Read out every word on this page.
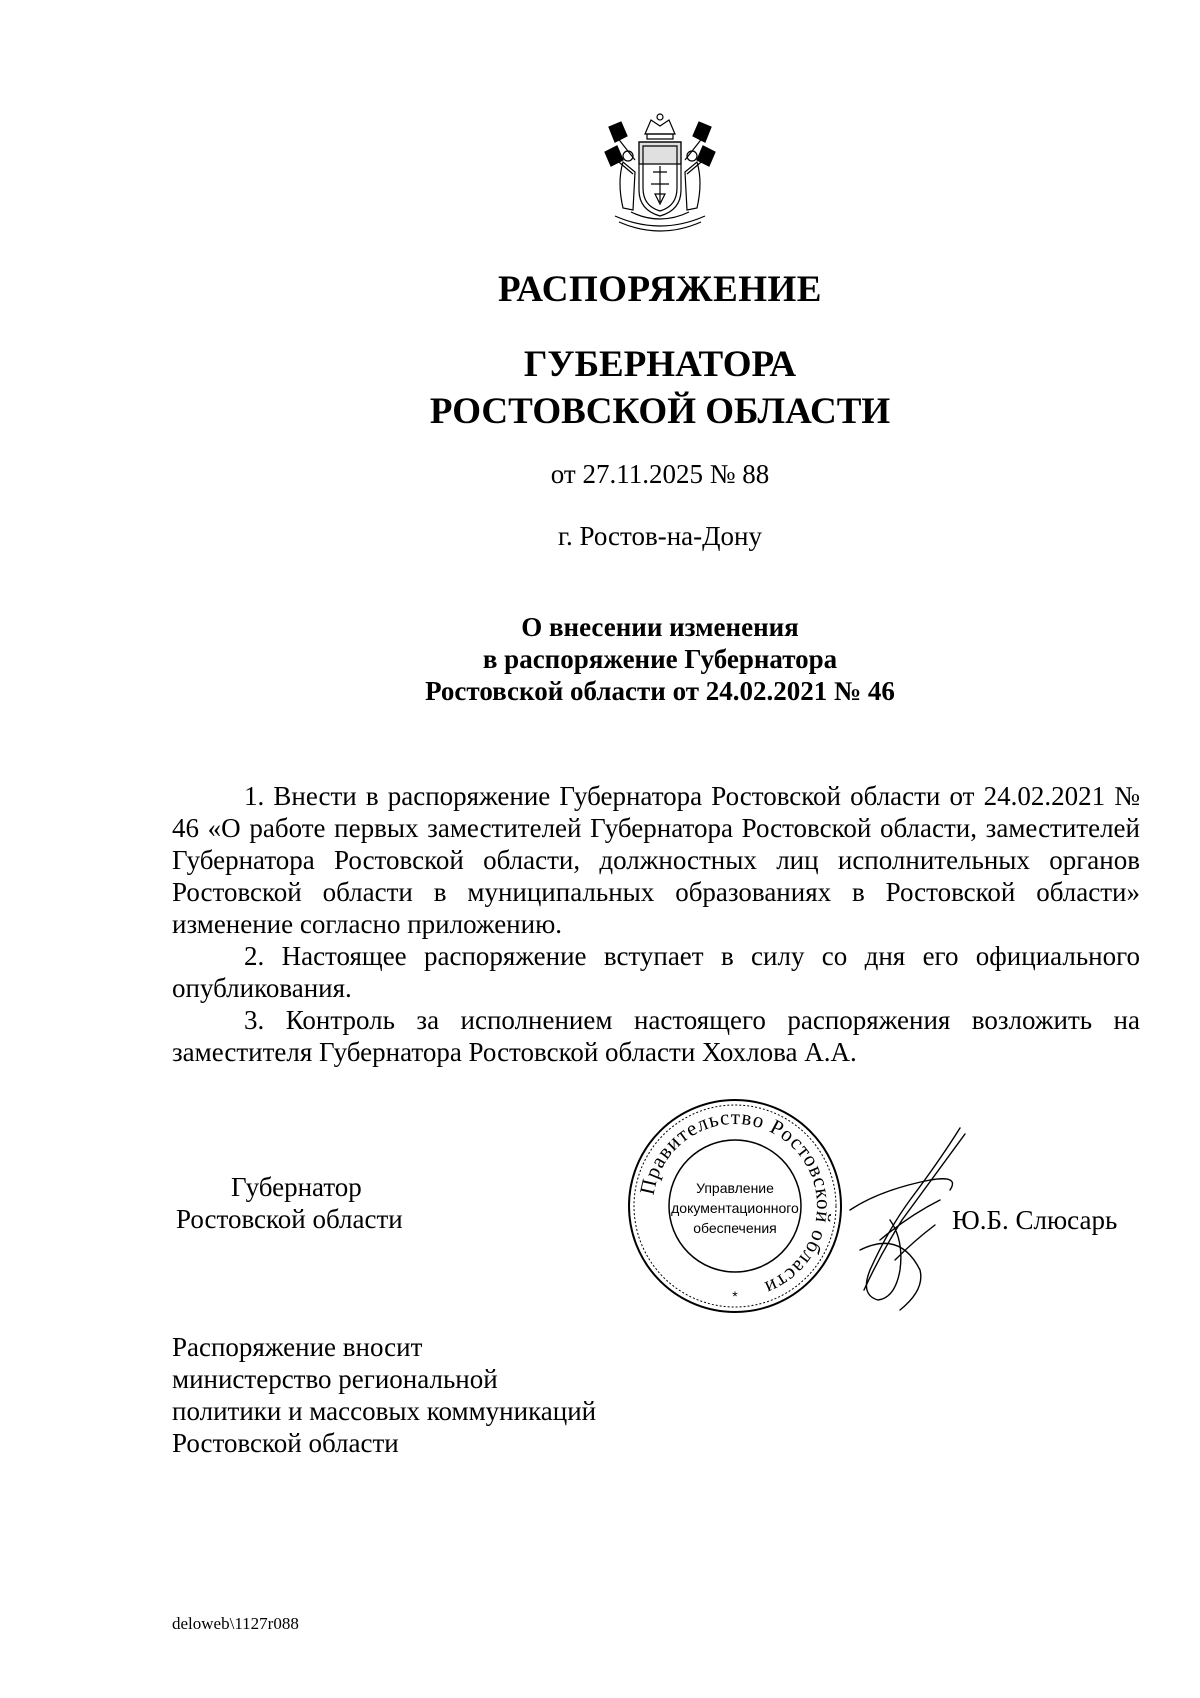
РАСПОРЯЖЕНИЕ
ГУБЕРНАТОРА
РОСТОВСКОЙ ОБЛАСТИ
от 27.11.2025 № 88
г. Ростов-на-Дону
О внесении изменения
в распоряжение Губернатора
Ростовской области от 24.02.2021 № 46

1. Внести в распоряжение Губернатора Ростовской области от 24.02.2021 № 46 «О работе первых заместителей Губернатора Ростовской области, заместителей Губернатора Ростовской области, должностных лиц исполнительных органов Ростовской области в муниципальных образованиях в Ростовской области» изменение согласно приложению.

2. Настоящее распоряжение вступает в силу со дня его официального опубликования.

3. Контроль за исполнением настоящего распоряжения возложить на заместителя Губернатора Ростовской области Хохлова А.А.

Губернатор
Ростовской области
Правительство Ростовской области
Управление
документационного
обеспечения
*
Ю.Б. Слюсарь
Распоряжение вносит
министерство региональной
политики и массовых коммуникаций
Ростовской области
deloweb\1127r088
